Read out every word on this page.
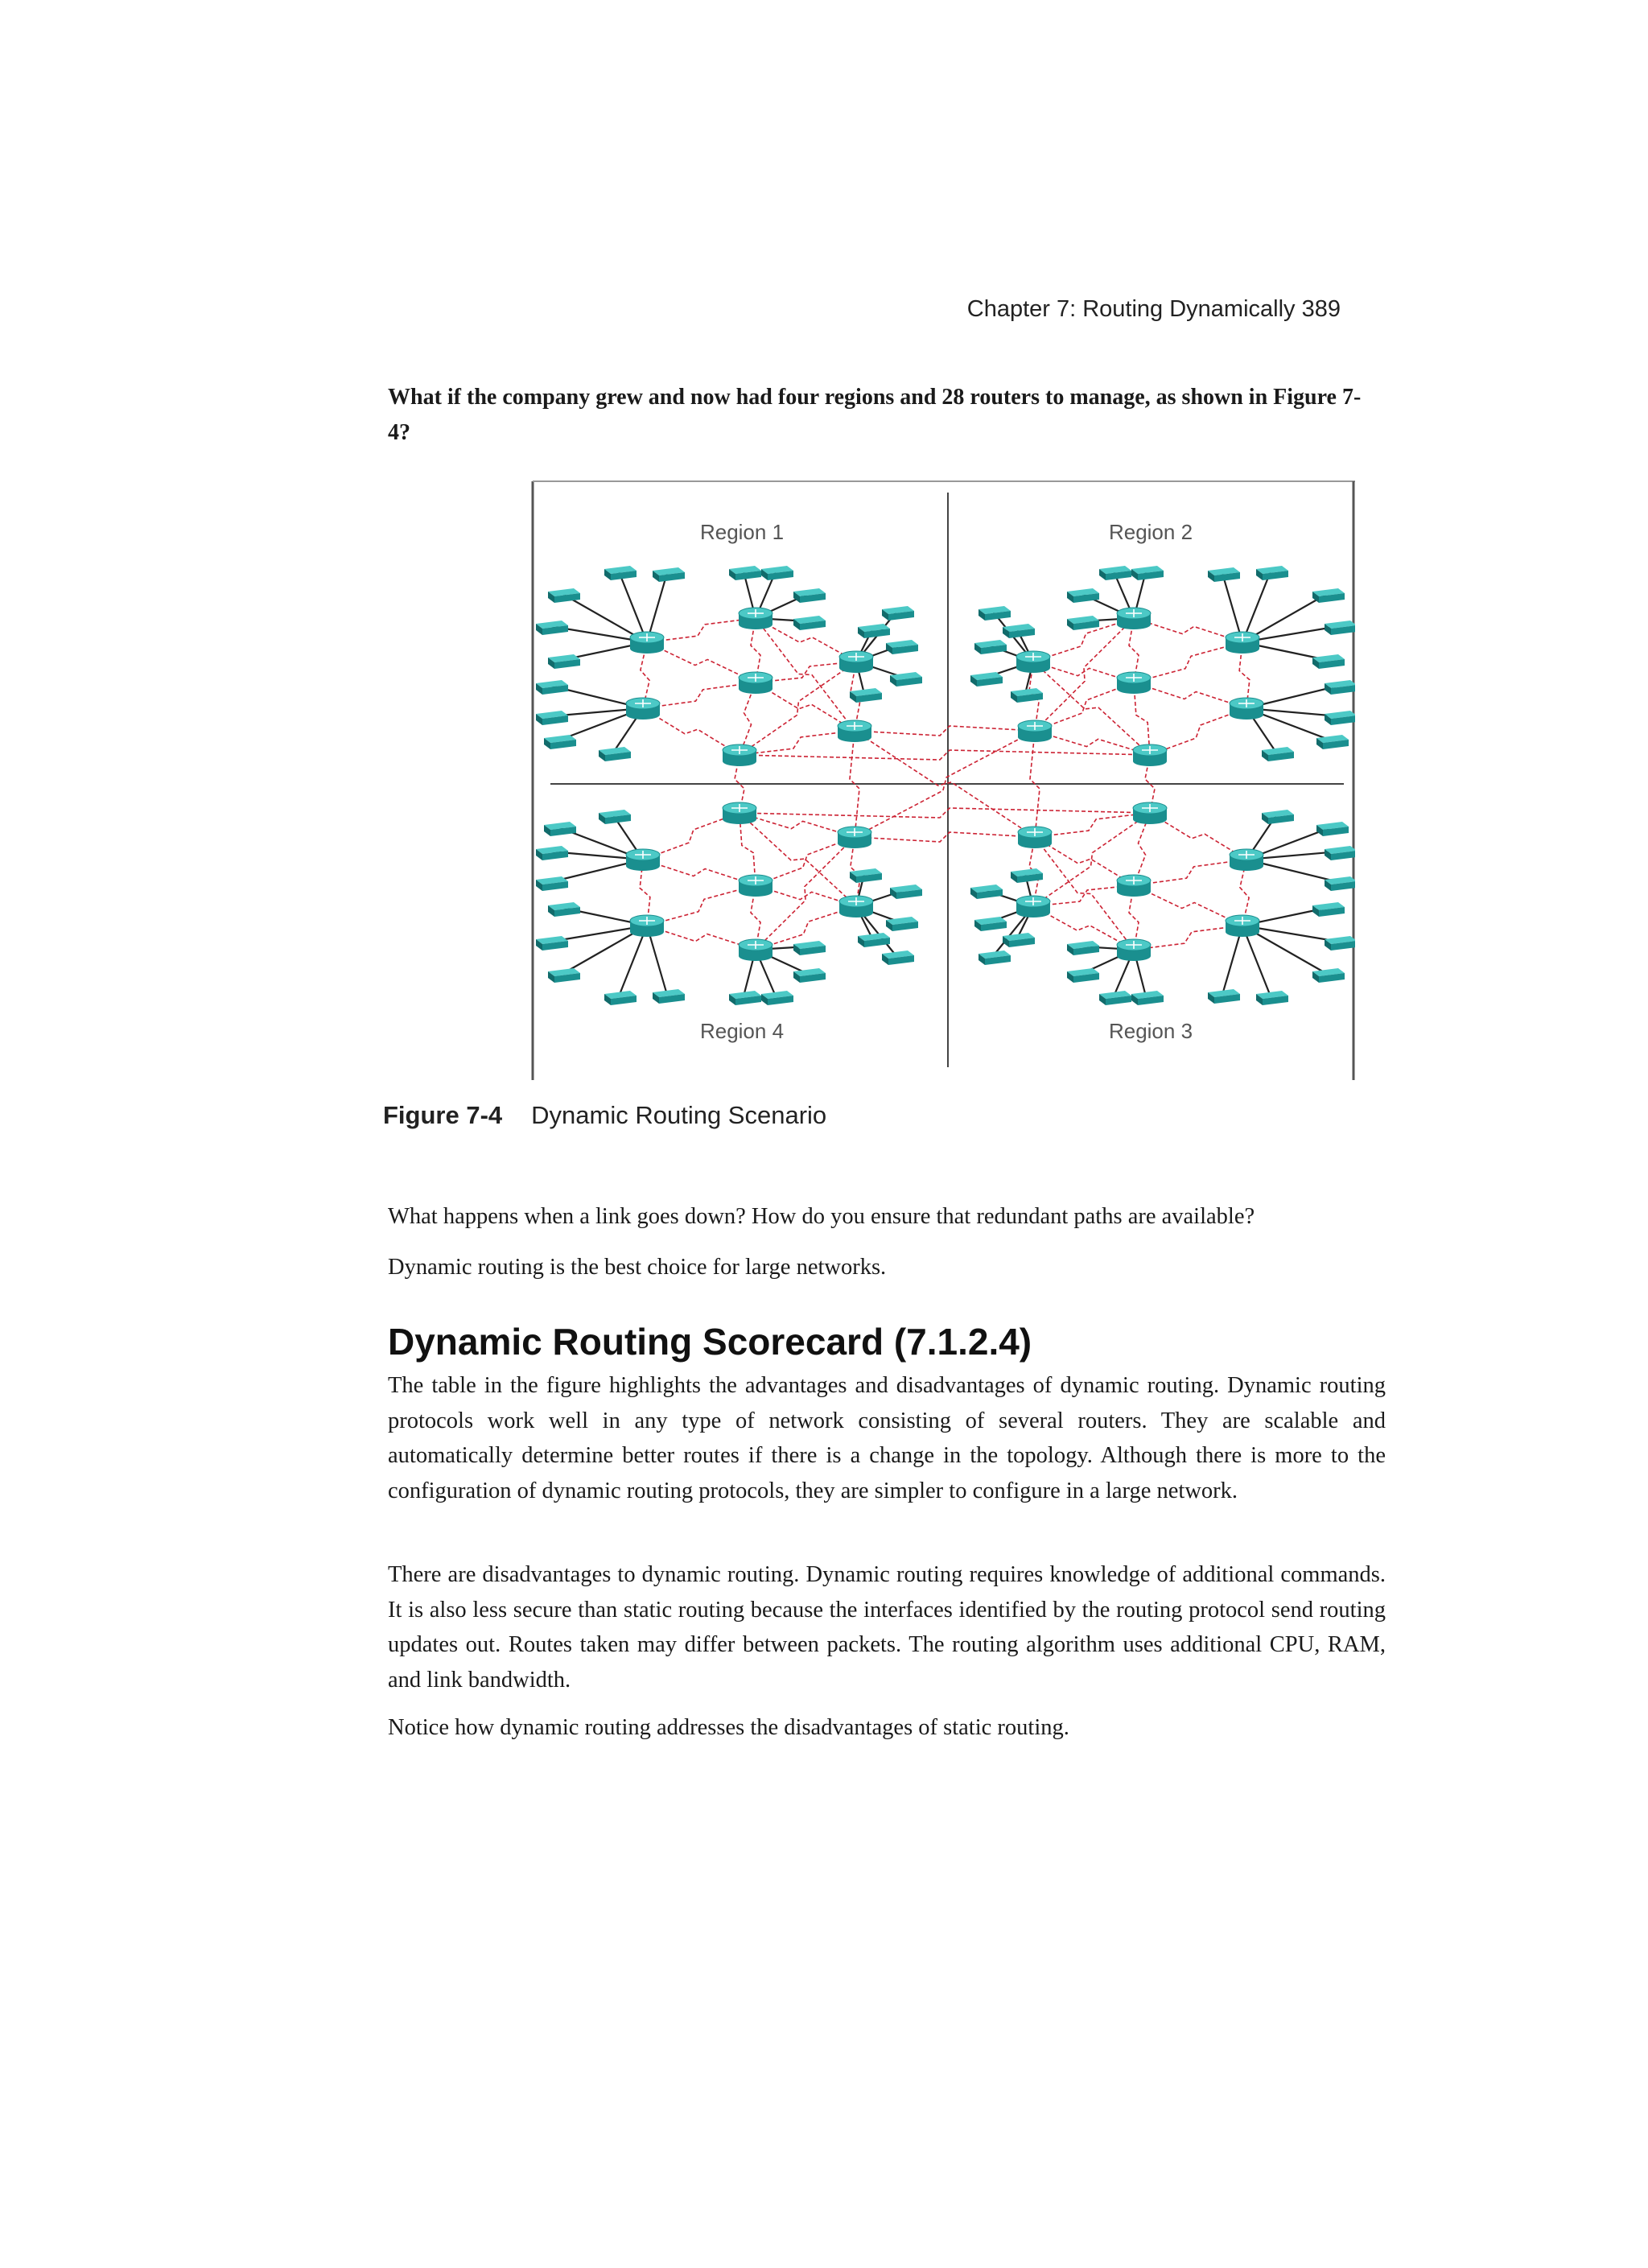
Chapter 7: Routing Dynamically 389

What if the company grew and now had four regions and 28 routers to manage, as shown in Figure 7-4?

Region 1	Region 2
Region 4	Region 3
Figure 7-4 Dynamic Routing Scenario

What happens when a link goes down? How do you ensure that redundant paths are available?

Dynamic routing is the best choice for large networks.

Dynamic Routing Scorecard (7.1.2.4)

The table in the figure highlights the advantages and disadvantages of dynamic routing. Dynamic routing protocols work well in any type of network consisting of several routers. They are scalable and automatically determine better routes if there is a change in the topology. Although there is more to the configuration of dynamic routing protocols, they are simpler to configure in a large network.

There are disadvantages to dynamic routing. Dynamic routing requires knowledge of additional commands. It is also less secure than static routing because the interfaces identified by the routing protocol send routing updates out. Routes taken may differ between packets. The routing algorithm uses additional CPU, RAM, and link bandwidth.

Notice how dynamic routing addresses the disadvantages of static routing.
